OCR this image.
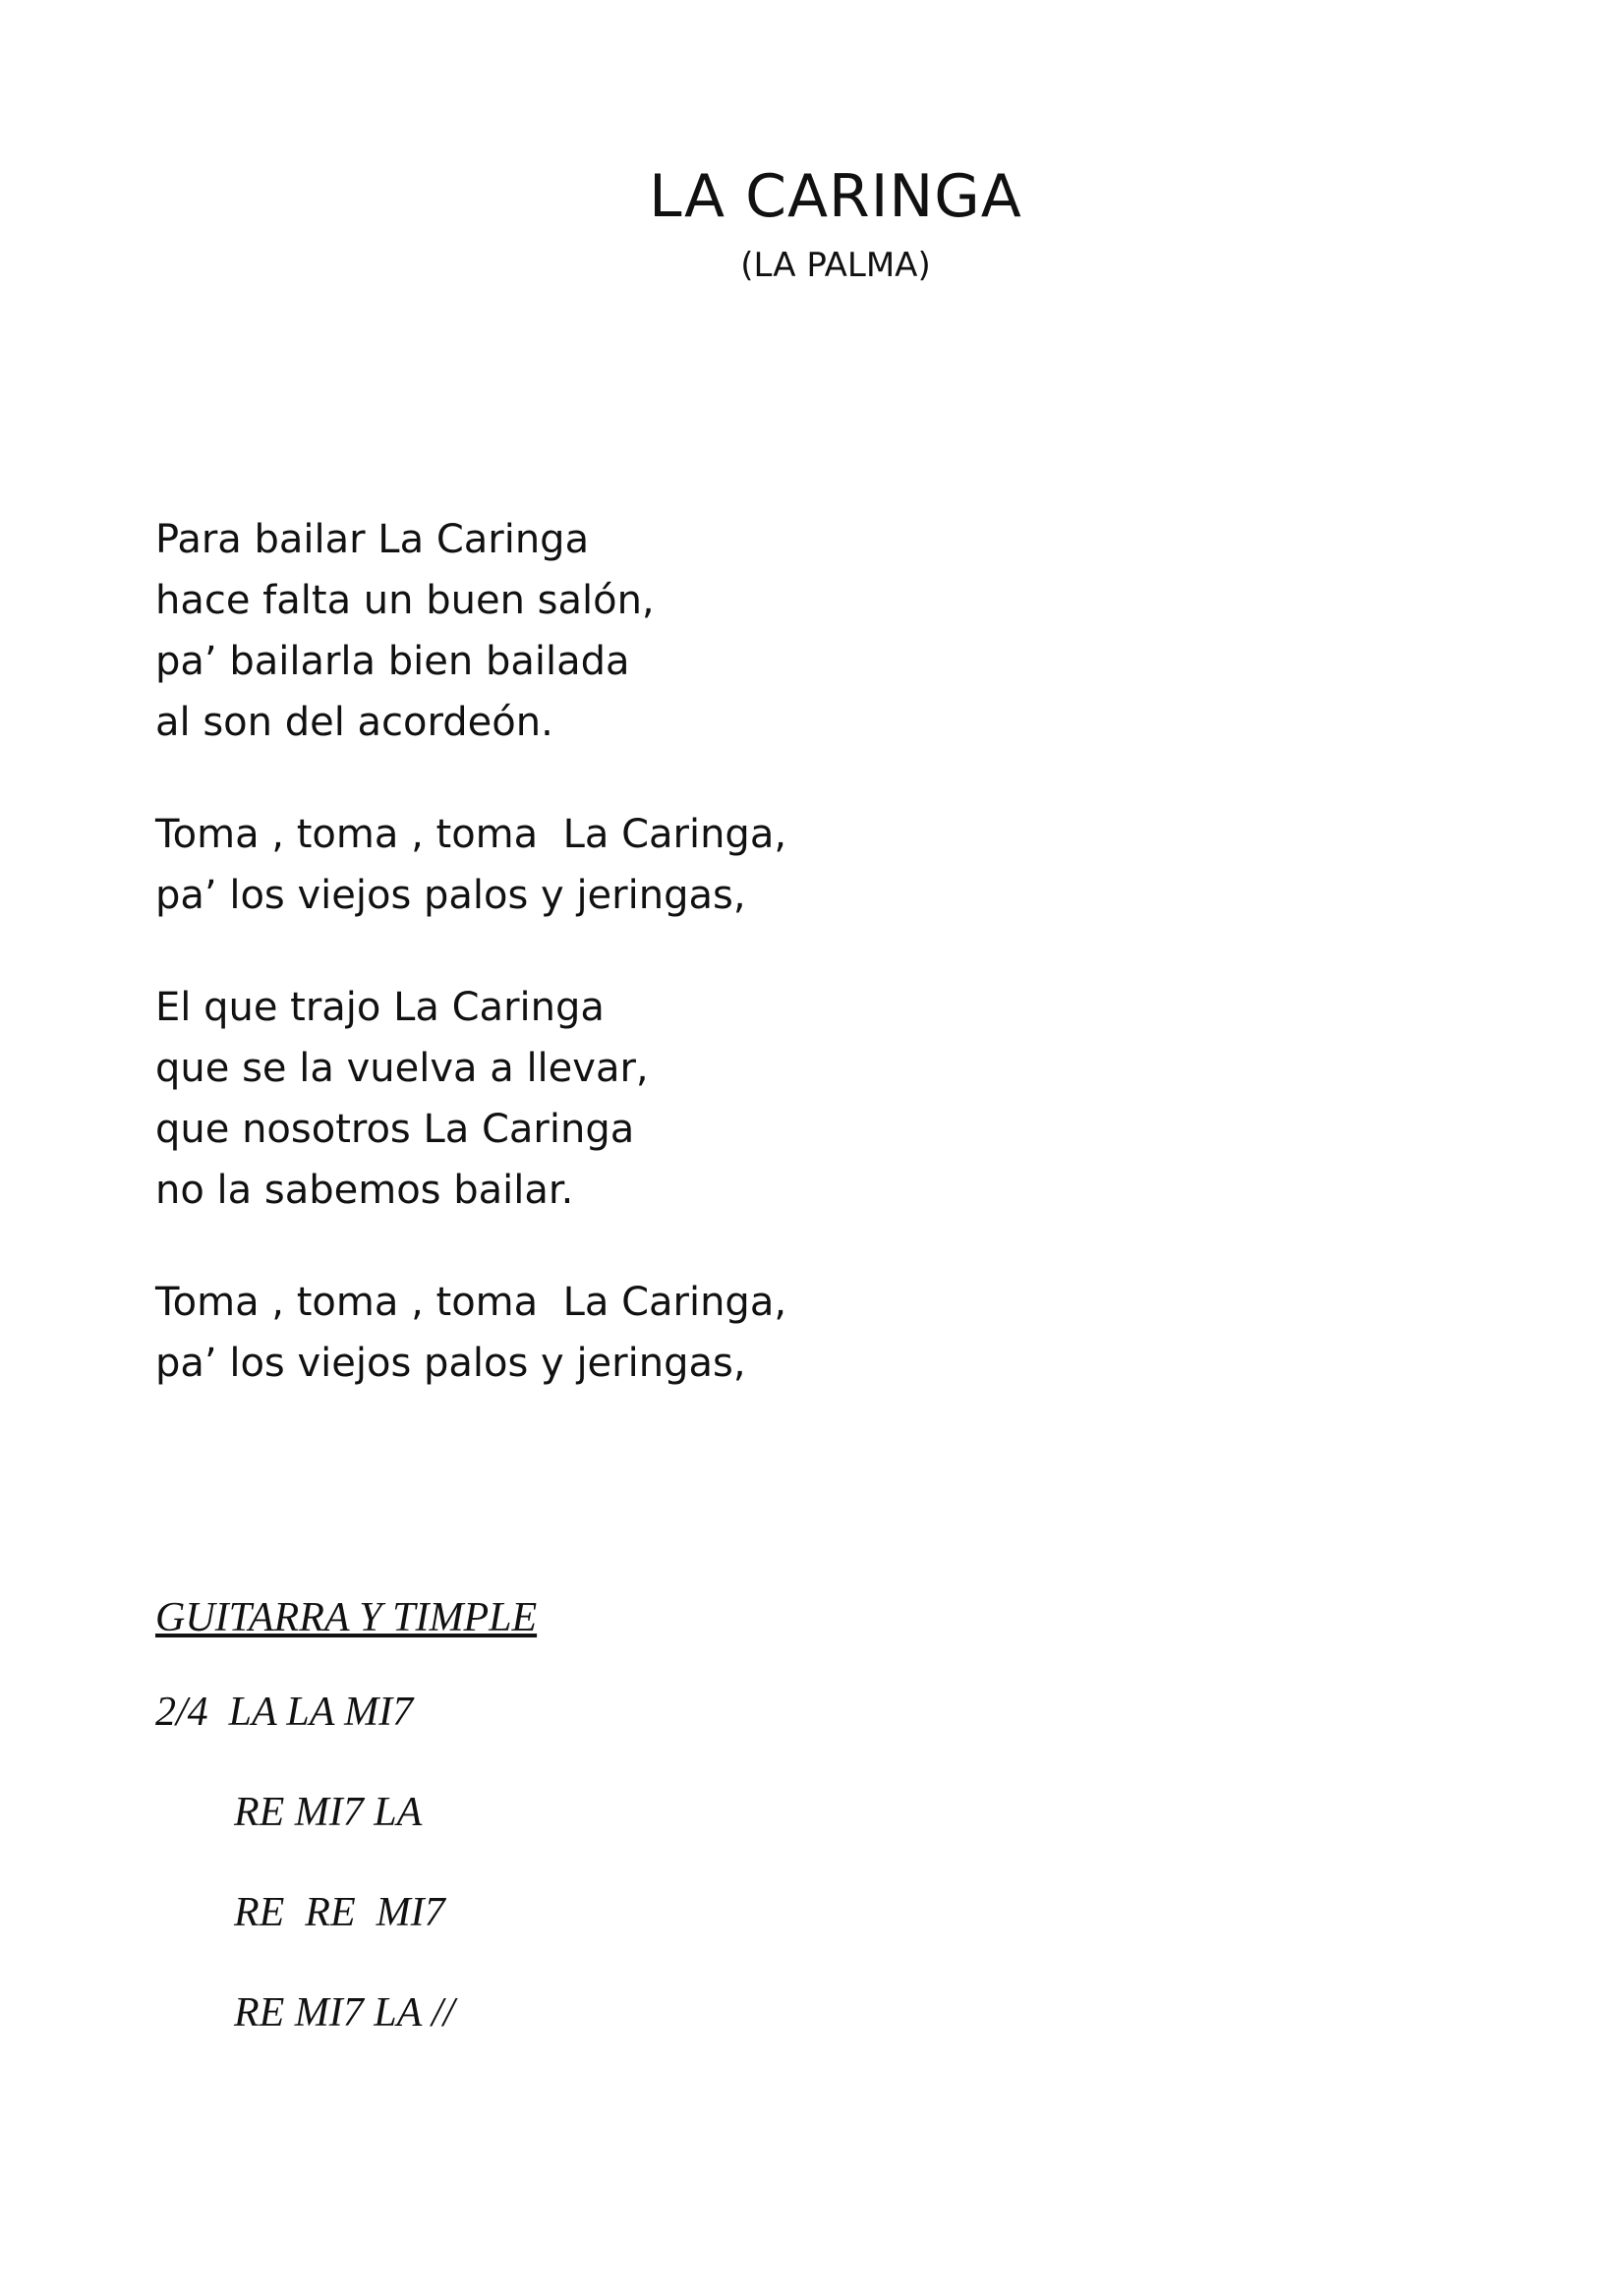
LA CARINGA
(LA PALMA)
Para bailar La Caringa
hace falta un buen salón,
pa’ bailarla bien bailada
al son del acordeón.
Toma , toma , toma  La Caringa,
pa’ los viejos palos y jeringas,
El que trajo La Caringa
que se la vuelva a llevar,
que nosotros La Caringa
no la sabemos bailar.
Toma , toma , toma  La Caringa,
pa’ los viejos palos y jeringas,
GUITARRA Y TIMPLE
2/4  LA LA MI7
RE MI7 LA
RE  RE  MI7
RE MI7 LA //
